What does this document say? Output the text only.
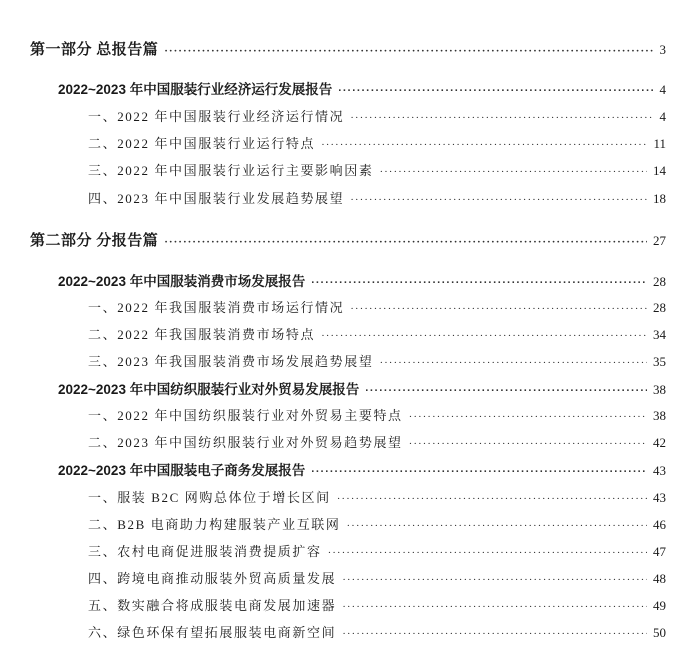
第一部分 总报告篇 ·····	3
2022~2023 年中国服装行业经济运行发展报告 ·····	4
一、2022 年中国服装行业经济运行情况 ·····	4
二、2022 年中国服装行业运行特点 ·····	11
三、2022 年中国服装行业运行主要影响因素 ·····	14
四、2023 年中国服装行业发展趋势展望 ·····	18
第二部分 分报告篇 ·····	27
2022~2023 年中国服装消费市场发展报告 ·····	28
一、2022 年我国服装消费市场运行情况 ·····	28
二、2022 年我国服装消费市场特点 ·····	34
三、2023 年我国服装消费市场发展趋势展望 ·····	35
2022~2023 年中国纺织服装行业对外贸易发展报告 ·····	38
一、2022 年中国纺织服装行业对外贸易主要特点 ·····	38
二、2023 年中国纺织服装行业对外贸易趋势展望 ·····	42
2022~2023 年中国服装电子商务发展报告 ·····	43
一、服装 B2C 网购总体位于增长区间 ·····	43
二、B2B 电商助力构建服装产业互联网 ·····	46
三、农村电商促进服装消费提质扩容 ·····	47
四、跨境电商推动服装外贸高质量发展 ·····	48
五、数实融合将成服装电商发展加速器 ·····	49
六、绿色环保有望拓展服装电商新空间 ·····	50
